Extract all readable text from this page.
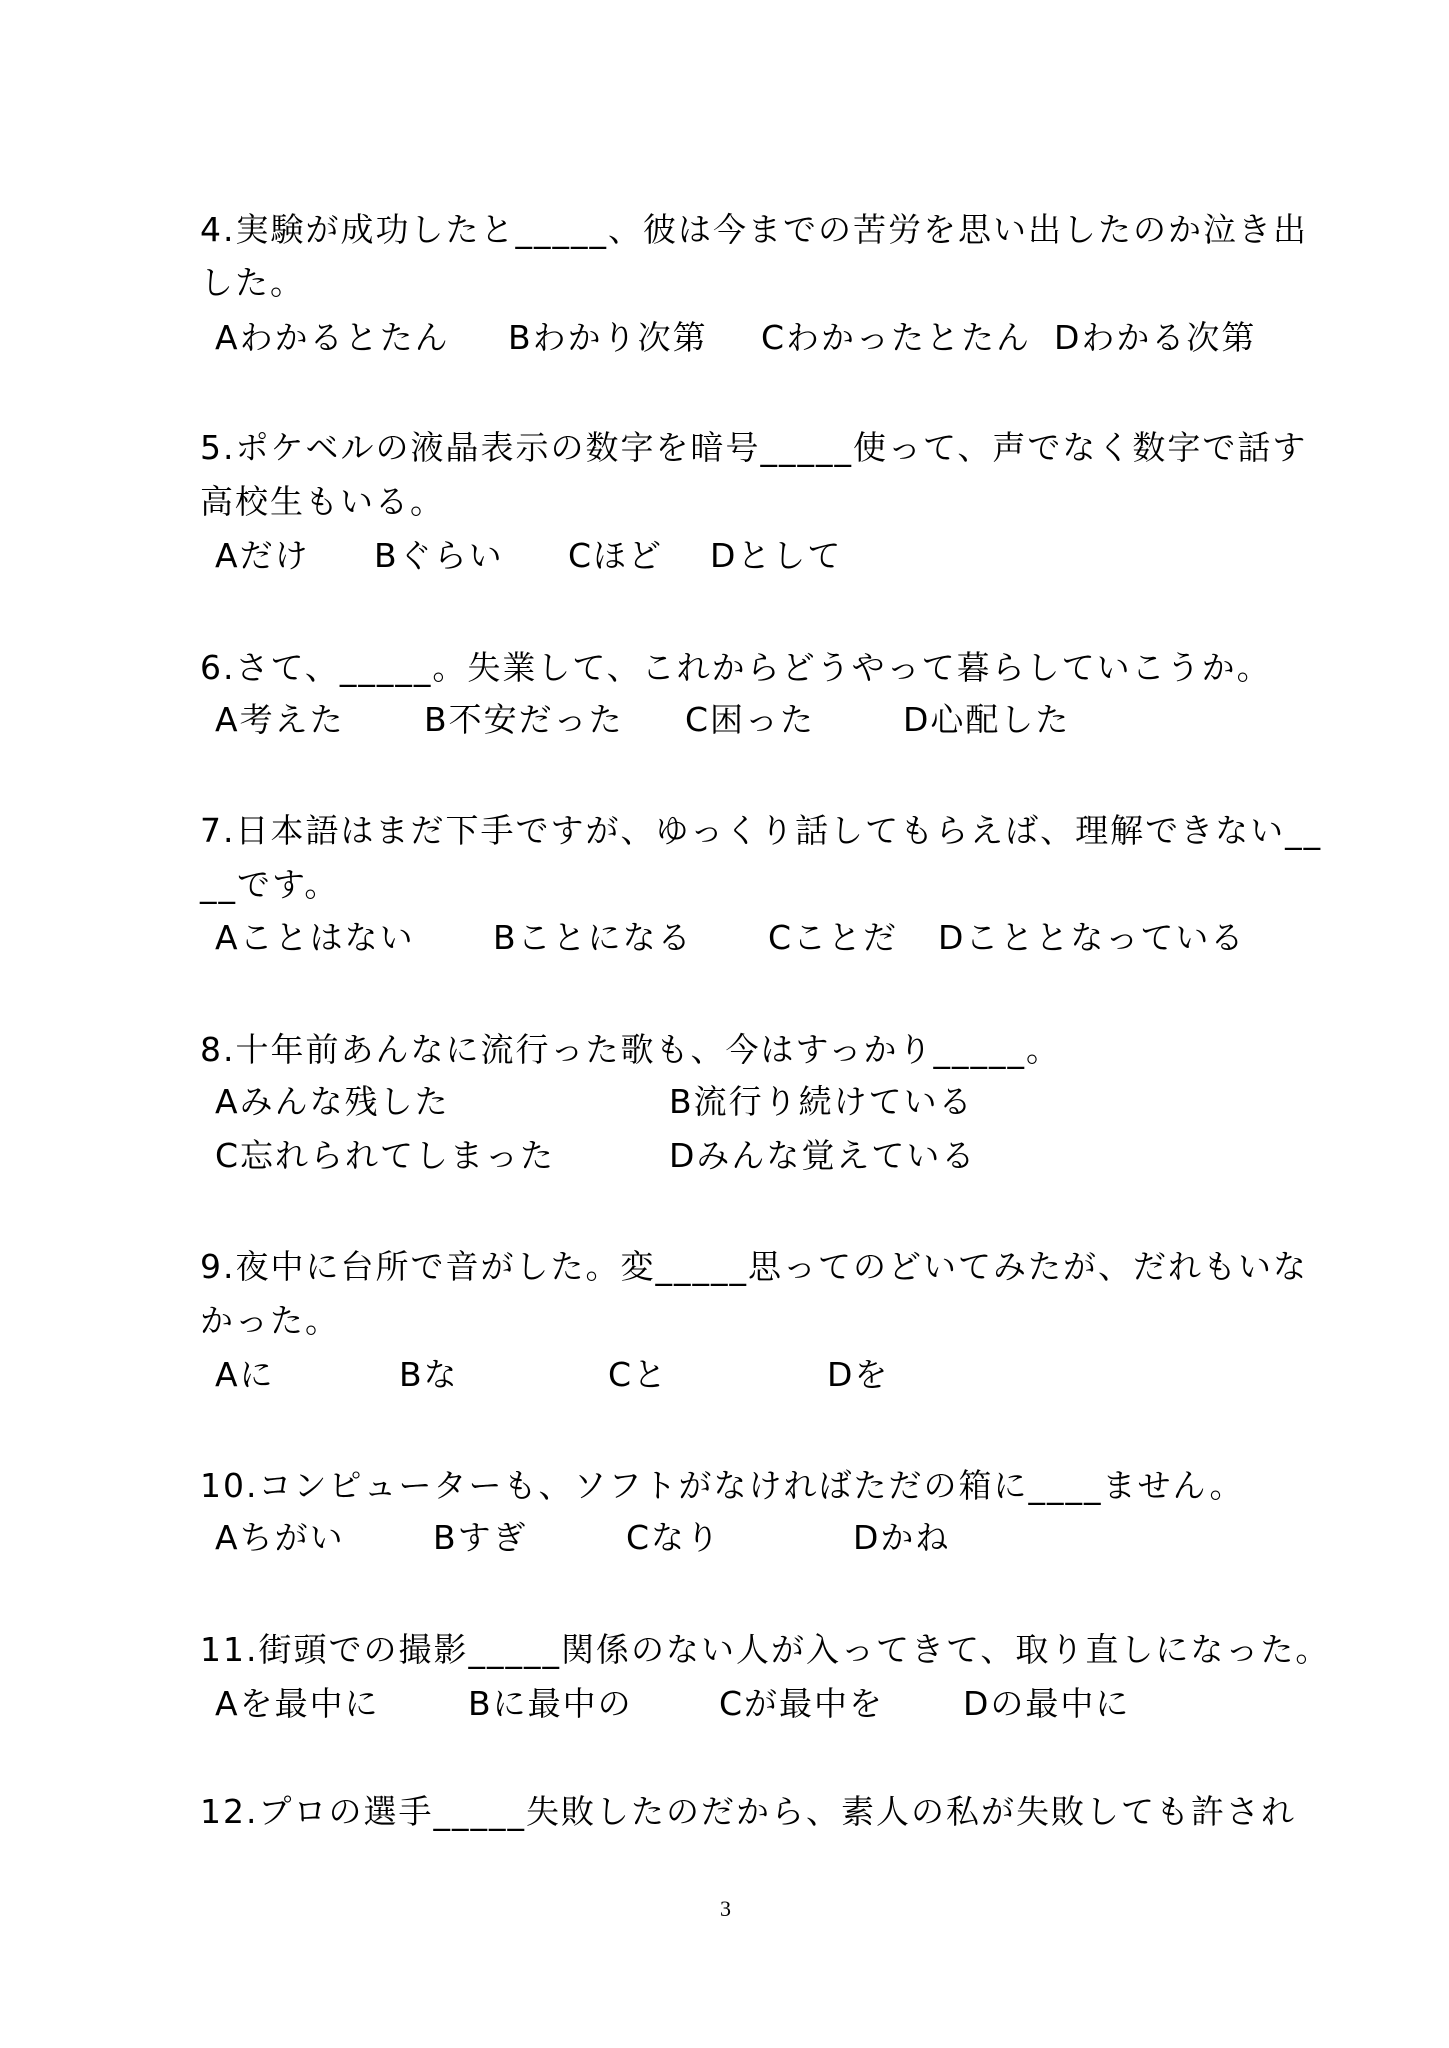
4.実験が成功したと_____、彼は今までの苦労を思い出したのか泣き出
した。
Aわかるとたん Bわかり次第 Cわかったとたん Dわかる次第
5.ポケベルの液晶表示の数字を暗号_____使って、声でなく数字で話す
高校生もいる。
Aだけ Bぐらい Cほど Dとして
6.さて、_____。失業して、これからどうやって暮らしていこうか。
A考えた B不安だった C困った	D心配した
7.日本語はまだ下手ですが、ゆっくり話してもらえば、理解できない__
__です。
Aことはない Bことになる Cことだ Dこととなっている
8.十年前あんなに流行った歌も、今はすっかり_____。
Aみんな残した	B流行り続けている
C忘れられてしまった	Dみんな覚えている
9.夜中に台所で音がした。変_____思ってのどいてみたが、だれもいな
かった。
Aに	Bな	Cと	Dを
10.コンピューターも、ソフトがなければただの箱に____ません。
Aちがい	Bすぎ	Cなり	Dかね
11.街頭での撮影_____関係のない人が入ってきて、取り直しになった。
Aを最中に	Bに最中の	Cが最中を Dの最中に
12.プロの選手_____失敗したのだから、素人の私が失敗しても許され
3
